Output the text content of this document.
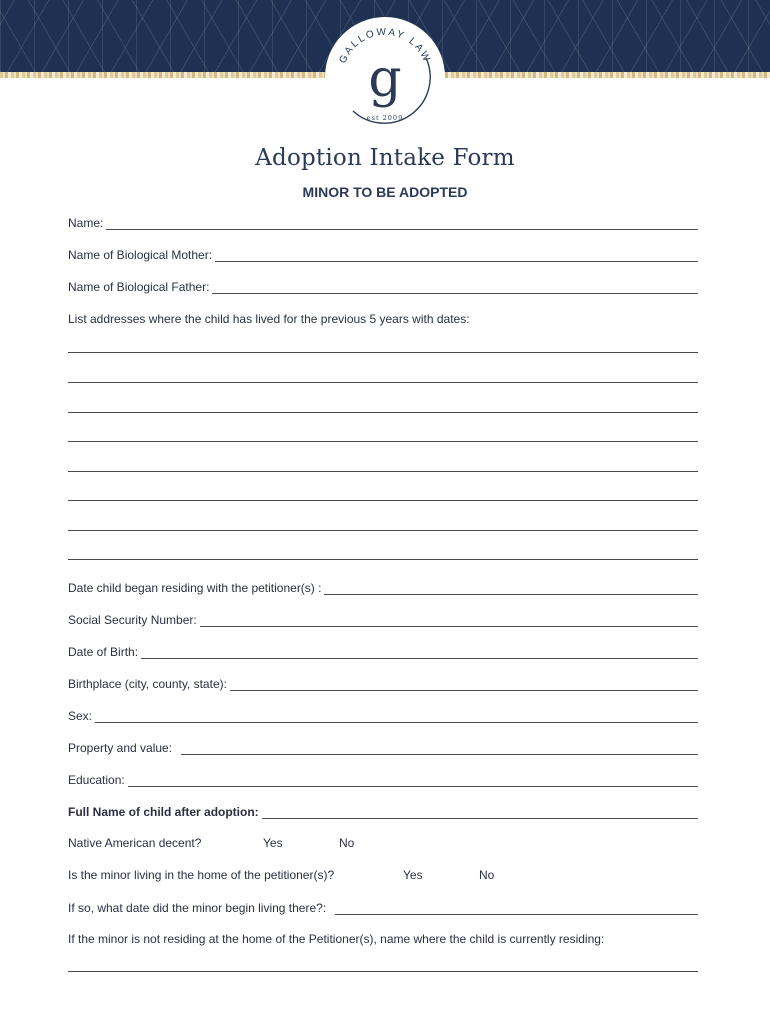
GALLOWAY LAW
g
est 2009
Adoption Intake Form
MINOR TO BE ADOPTED
Name:
Name of Biological Mother:
Name of Biological Father:
List addresses where the child has lived for the previous 5 years with dates:
Date child began residing with the petitioner(s) :
Social Security Number:
Date of Birth:
Birthplace (city, county, state):
Sex:
Property and value:
Education:
Full Name of child after adoption:
Native American decent?	Yes	No
Is the minor living in the home of the petitioner(s)?	Yes	No
If so, what date did the minor begin living there?:
If the minor is not residing at the home of the Petitioner(s), name where the child is currently residing:
